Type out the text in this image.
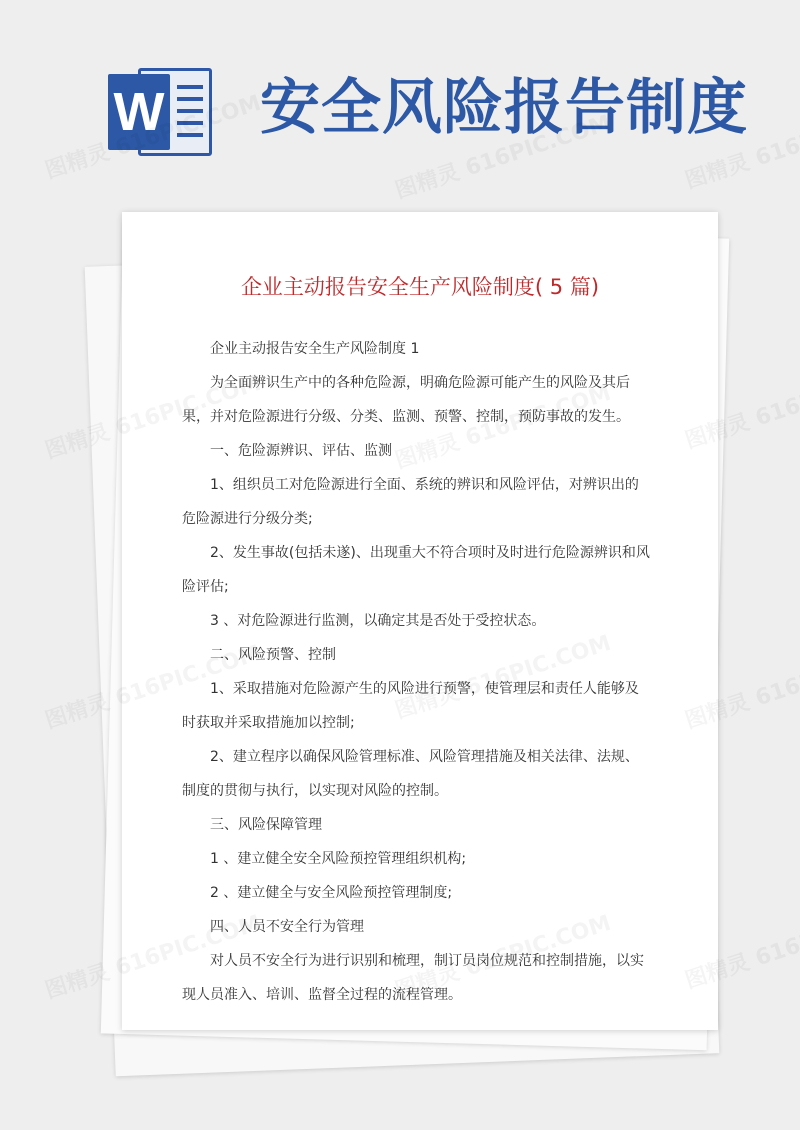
W 安全风险报告制度
企业主动报告安全生产风险制度( 5 篇)

企业主动报告安全生产风险制度 1

为全面辨识生产中的各种危险源，明确危险源可能产生的风险及其后果，并对危险源进行分级、分类、监测、预警、控制，预防事故的发生。

一、危险源辨识、评估、监测

1、组织员工对危险源进行全面、系统的辨识和风险评估，对辨识出的危险源进行分级分类;

2、发生事故(包括未遂)、出现重大不符合项时及时进行危险源辨识和风险评估;

3 、对危险源进行监测，以确定其是否处于受控状态。

二、风险预警、控制

1、采取措施对危险源产生的风险进行预警，使管理层和责任人能够及时获取并采取措施加以控制;

2、建立程序以确保风险管理标准、风险管理措施及相关法律、法规、制度的贯彻与执行，以实现对风险的控制。

三、风险保障管理

1 、建立健全安全风险预控管理组织机构;

2 、建立健全与安全风险预控管理制度;

四、人员不安全行为管理

对人员不安全行为进行识别和梳理，制订员岗位规范和控制措施，以实现人员准入、培训、监督全过程的流程管理。
